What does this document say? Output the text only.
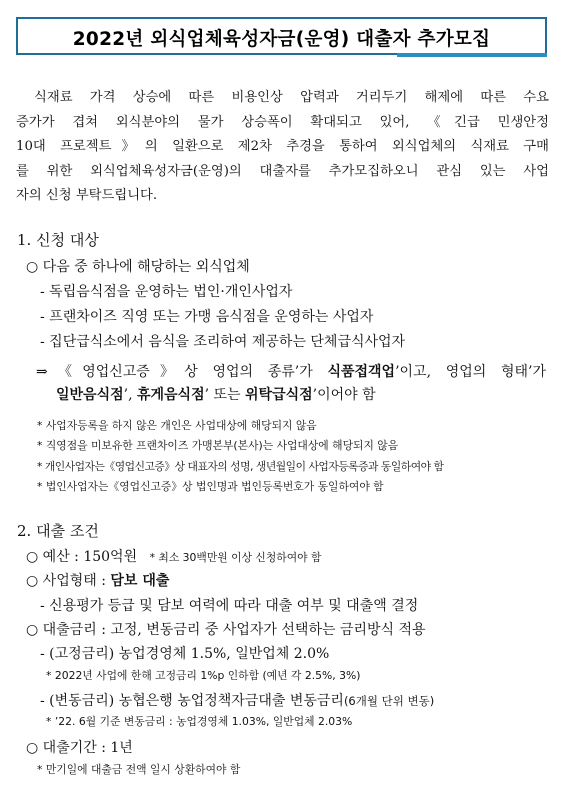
2022년 외식업체육성자금(운영) 대출자 추가모집
식재료 가격 상승에 따른 비용인상 압력과 거리두기 해제에 따른 수요
증가가 겹쳐 외식분야의 물가 상승폭이 확대되고 있어, 《긴급 민생안정
10대 프로젝트》의 일환으로 제2차 추경을 통하여 외식업체의 식재료 구매
를 위한 외식업체육성자금(운영)의 대출자를 추가모집하오니 관심 있는 사업
자의 신청 부탁드립니다.
1. 신청 대상
○ 다음 중 하나에 해당하는 외식업체
- 독립음식점을 운영하는 법인·개인사업자
- 프랜차이즈 직영 또는 가맹 음식점을 운영하는 사업자
- 집단급식소에서 음식을 조리하여 제공하는 단체급식사업자
⇒《영업신고증》상 영업의 종류’가 식품접객업’이고, 영업의 형태’가
일반음식점’, 휴게음식점’ 또는 위탁급식점’이어야 함
* 사업자등록을 하지 않은 개인은 사업대상에 해당되지 않음
* 직영점을 미보유한 프랜차이즈 가맹본부(본사)는 사업대상에 해당되지 않음
* 개인사업자는《영업신고증》상 대표자의 성명, 생년월일이 사업자등록증과 동일하여야 함
* 법인사업자는《영업신고증》상 법인명과 법인등록번호가 동일하여야 함
2. 대출 조건
○ 예산 : 150억원 * 최소 30백만원 이상 신청하여야 함
○ 사업형태 : 담보 대출
- 신용평가 등급 및 담보 여력에 따라 대출 여부 및 대출액 결정
○ 대출금리 : 고정, 변동금리 중 사업자가 선택하는 금리방식 적용
- (고정금리) 농업경영체 1.5%, 일반업체 2.0%
* 2022년 사업에 한해 고정금리 1%p 인하함 (예년 각 2.5%, 3%)
- (변동금리) 농협은행 농업정책자금대출 변동금리(6개월 단위 변동)
* ’22. 6월 기준 변동금리 : 농업경영체 1.03%, 일반업체 2.03%
○ 대출기간 : 1년
* 만기일에 대출금 전액 일시 상환하여야 함
